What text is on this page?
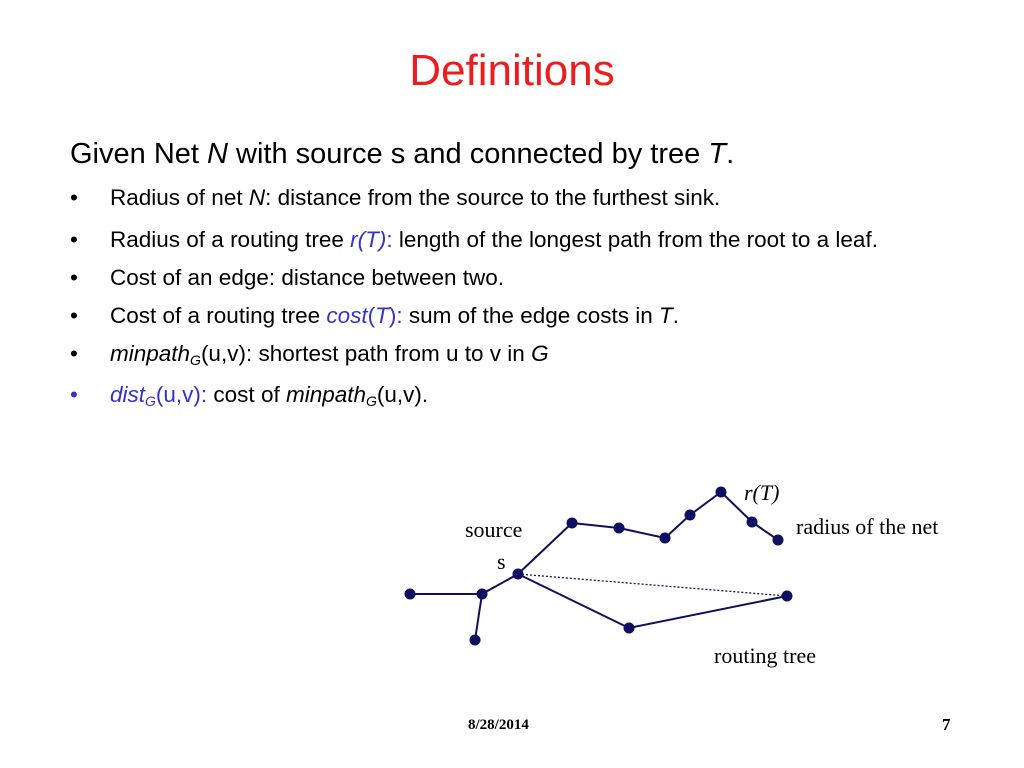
Definitions
Given Net N with source s and connected by tree T.
• Radius of net N: distance from the source to the furthest sink.
• Radius of a routing tree r(T): length of the longest path from the root to a leaf.
• Cost of an edge: distance between two.
• Cost of a routing tree cost(T): sum of the edge costs in T.
• minpath$_G$(u,v): shortest path from u to v in G
• dist$_G$(u,v): cost of minpath$_G$(u,v).
source
s
r(T)
radius of the net
routing tree
8/28/2014	7
